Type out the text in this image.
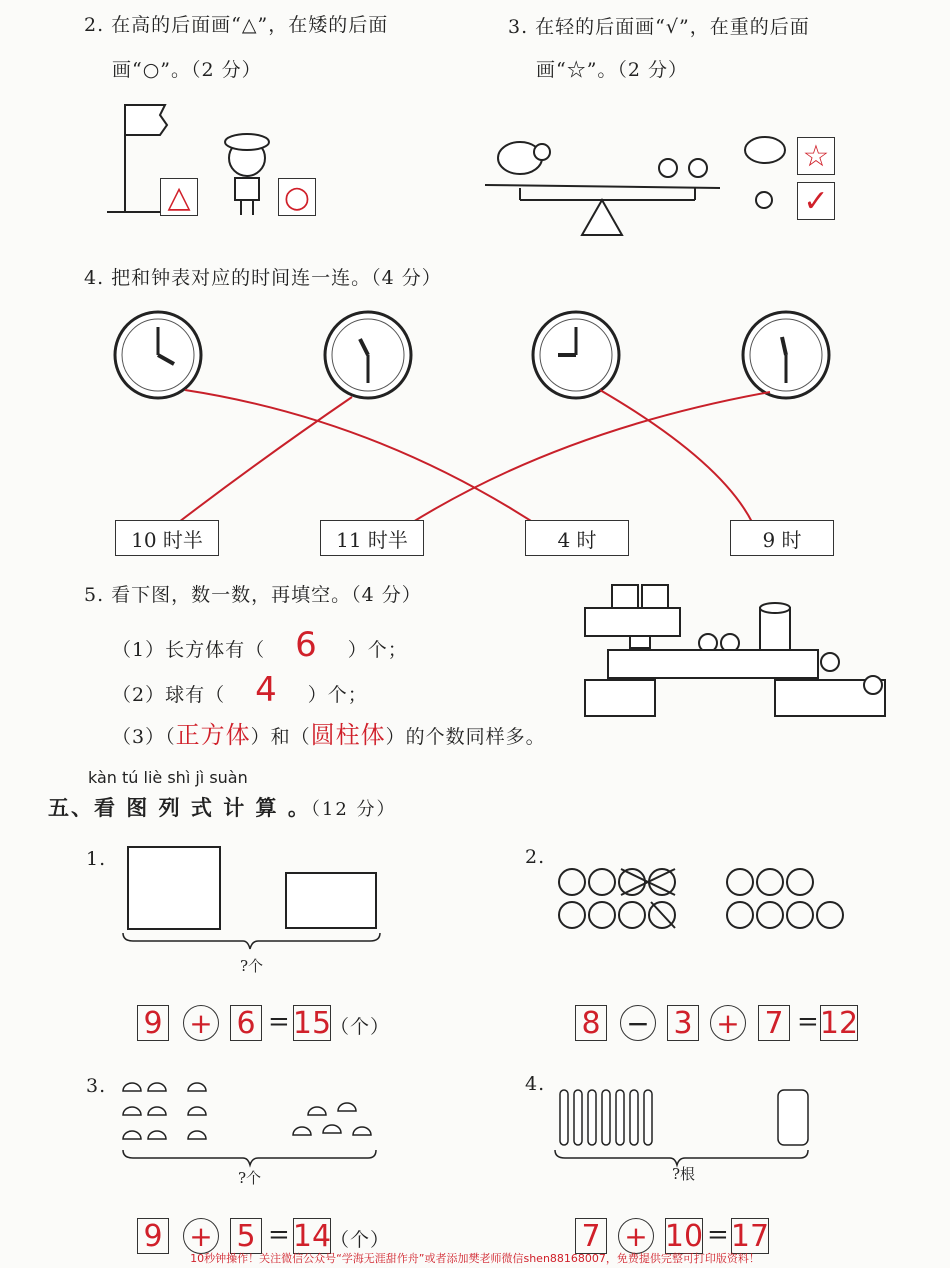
2. 在高的后面画“△”，在矮的后面
画“○”。（2 分）
△	○
3. 在轻的后面画“√”，在重的后面
画“☆”。（2 分）
☆
✓
4. 把和钟表对应的时间连一连。（4 分）
10 时半	11 时半	4 时	9 时
5. 看下图，数一数，再填空。（4 分）
（1）长方体有（ 6 ）个；
（2）球有（ 4 ）个；
（3）（正方体）和（圆柱体）的个数同样多。
kàn tú liè shì jì suàn
五、看 图 列 式 计 算 。（12 分）
1.
?个
9 + 6 = 15
（个）
2.
8 − 3 + 7 = 12
3.
?个
9 + 5 = 14
（个）
4.
?根
7 + 10 = 17
10秒钟操作！关注微信公众号“学海无涯甜作舟”或者添加樊老师微信shen88168007，免费提供完整可打印版资料！
